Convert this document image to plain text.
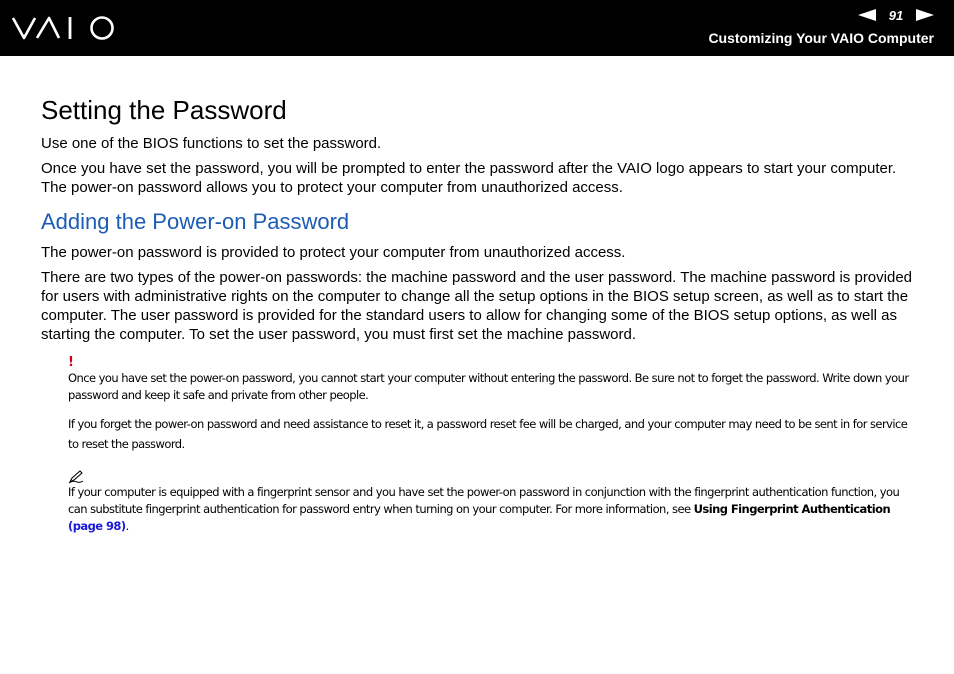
91
Customizing Your VAIO Computer
Setting the Password

Use one of the BIOS functions to set the password.

Once you have set the password, you will be prompted to enter the password after the VAIO logo appears to start your computer. The power-on password allows you to protect your computer from unauthorized access.

Adding the Power-on Password

The power-on password is provided to protect your computer from unauthorized access.

There are two types of the power-on passwords: the machine password and the user password. The machine password is provided for users with administrative rights on the computer to change all the setup options in the BIOS setup screen, as well as to start the computer. The user password is provided for the standard users to allow for changing some of the BIOS setup options, as well as starting the computer. To set the user password, you must first set the machine password.

!

Once you have set the power-on password, you cannot start your computer without entering the password. Be sure not to forget the password. Write down your password and keep it safe and private from other people.

If you forget the power-on password and need assistance to reset it, a password reset fee will be charged, and your computer may need to be sent in for service to reset the password.

If your computer is equipped with a fingerprint sensor and you have set the power-on password in conjunction with the fingerprint authentication function, you can substitute fingerprint authentication for password entry when turning on your computer. For more information, see Using Fingerprint Authentication (page 98).
